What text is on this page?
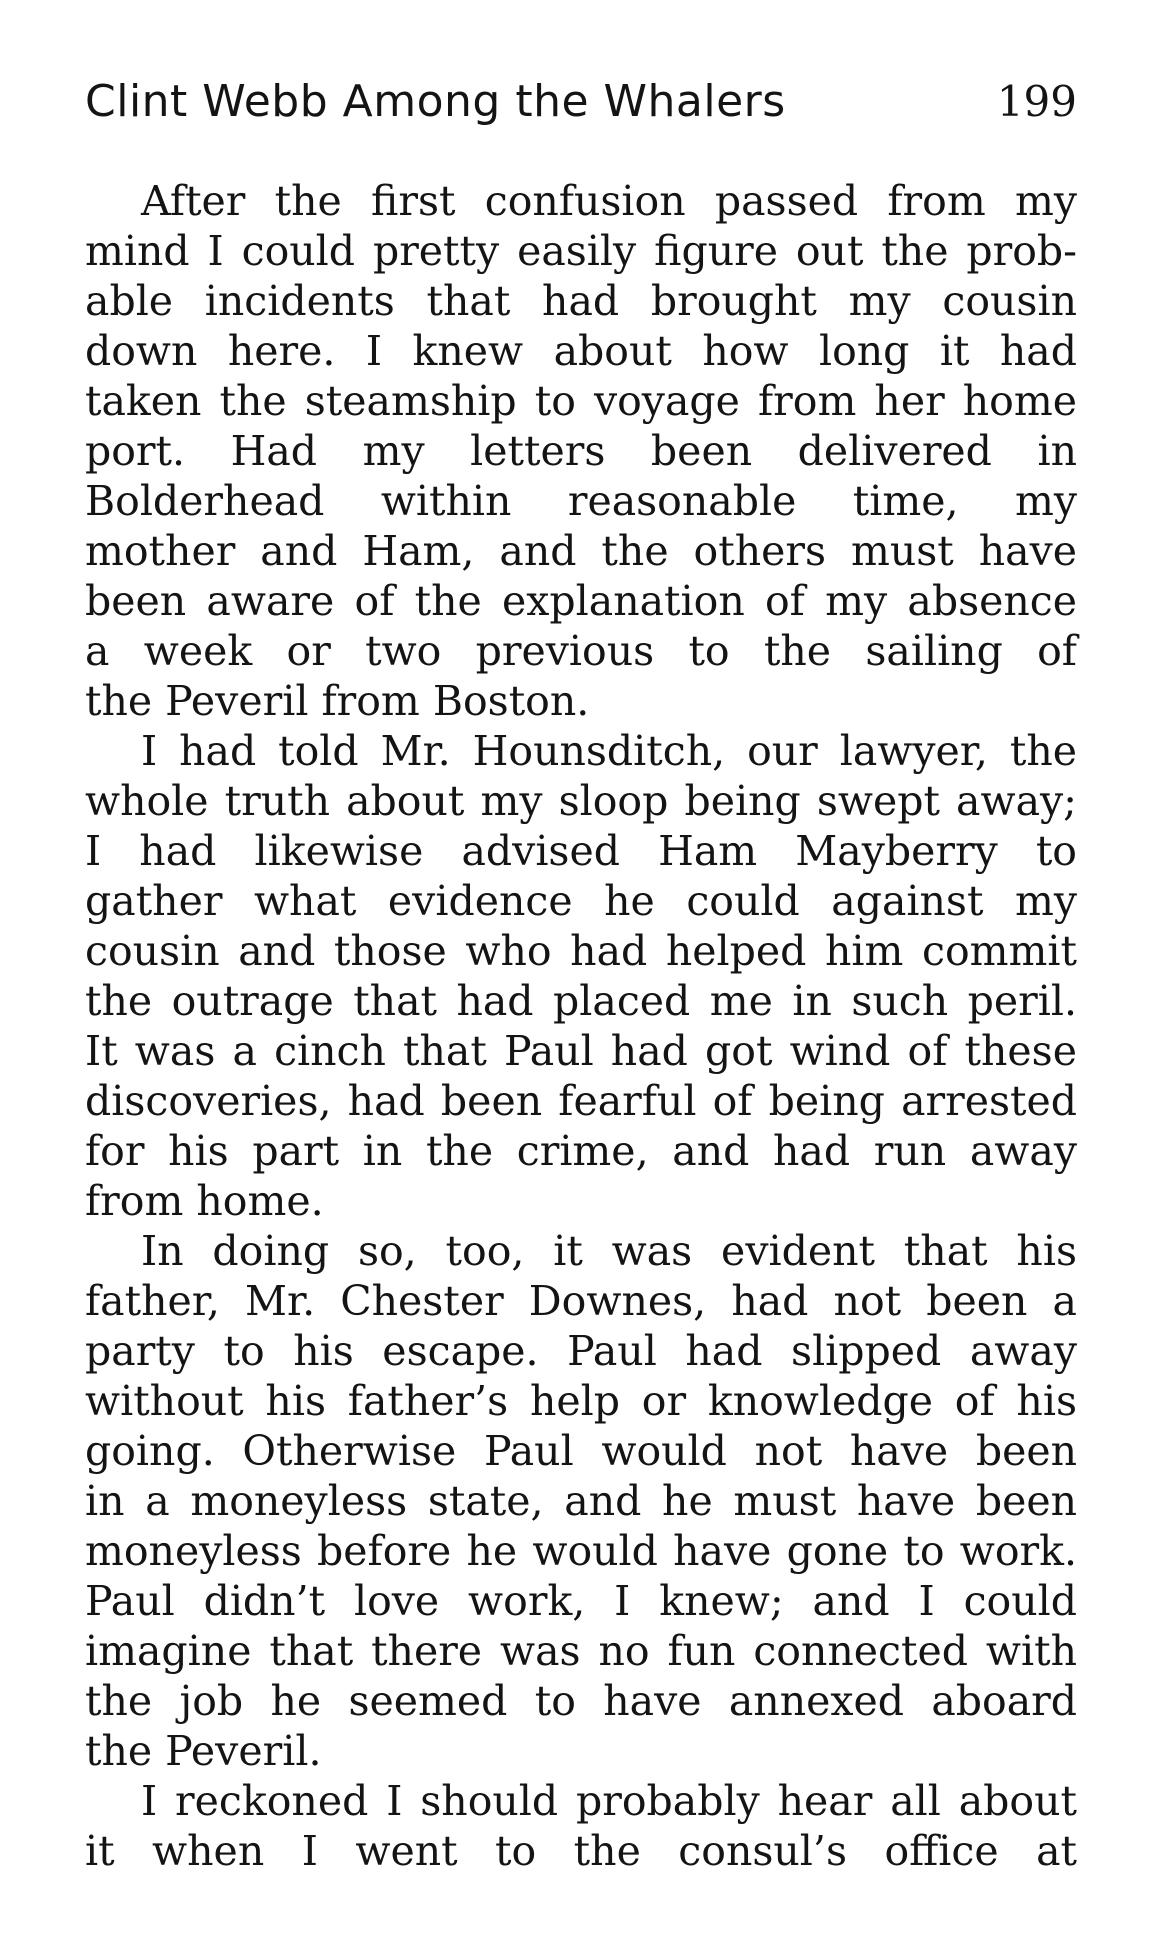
Clint Webb Among the Whalers	199
After the first confusion passed from my
mind I could pretty easily figure out the prob-
able incidents that had brought my cousin
down here. I knew about how long it had
taken the steamship to voyage from her home
port. Had my letters been delivered in
Bolderhead within reasonable time, my
mother and Ham, and the others must have
been aware of the explanation of my absence
a week or two previous to the sailing of
the Peveril from Boston.
I had told Mr. Hounsditch, our lawyer, the
whole truth about my sloop being swept away;
I had likewise advised Ham Mayberry to
gather what evidence he could against my
cousin and those who had helped him commit
the outrage that had placed me in such peril.
It was a cinch that Paul had got wind of these
discoveries, had been fearful of being arrested
for his part in the crime, and had run away
from home.
In doing so, too, it was evident that his
father, Mr. Chester Downes, had not been a
party to his escape. Paul had slipped away
without his father’s help or knowledge of his
going. Otherwise Paul would not have been
in a moneyless state, and he must have been
moneyless before he would have gone to work.
Paul didn’t love work, I knew; and I could
imagine that there was no fun connected with
the job he seemed to have annexed aboard
the Peveril.
I reckoned I should probably hear all about
it when I went to the consul’s office at
